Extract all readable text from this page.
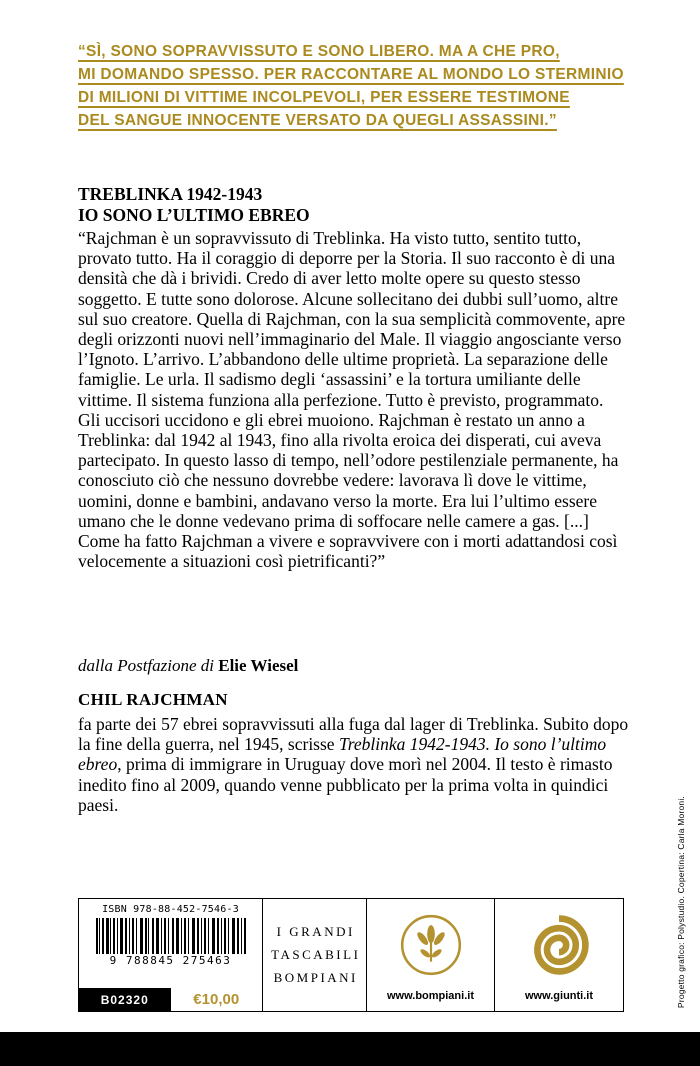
“SÌ, SONO SOPRAVVISSUTO E SONO LIBERO. MA A CHE PRO,
MI DOMANDO SPESSO. PER RACCONTARE AL MONDO LO STERMINIO
DI MILIONI DI VITTIME INCOLPEVOLI, PER ESSERE TESTIMONE
DEL SANGUE INNOCENTE VERSATO DA QUEGLI ASSASSINI.”
TREBLINKA 1942-1943
IO SONO L’ULTIMO EBREO

“Rajchman è un sopravvissuto di Treblinka. Ha visto tutto, sentito tutto, provato tutto. Ha il coraggio di deporre per la Storia. Il suo racconto è di una densità che dà i brividi. Credo di aver letto molte opere su questo stesso soggetto. E tutte sono dolorose. Alcune sollecitano dei dubbi sull’uomo, altre sul suo creatore. Quella di Rajchman, con la sua semplicità commovente, apre degli orizzonti nuovi nell’immaginario del Male. Il viaggio angosciante verso l’Ignoto. L’arrivo. L’abbandono delle ultime proprietà. La separazione delle famiglie. Le urla. Il sadismo degli ‘assassini’ e la tortura umiliante delle vittime. Il sistema funziona alla perfezione. Tutto è previsto, programmato. Gli uccisori uccidono e gli ebrei muoiono. Rajchman è restato un anno a Treblinka: dal 1942 al 1943, fino alla rivolta eroica dei disperati, cui aveva partecipato. In questo lasso di tempo, nell’odore pestilenziale permanente, ha conosciuto ciò che nessuno dovrebbe vedere: lavorava lì dove le vittime, uomini, donne e bambini, andavano verso la morte. Era lui l’ultimo essere umano che le donne vedevano prima di soffocare nelle camere a gas. [...] Come ha fatto Rajchman a vivere e sopravvivere con i morti adattandosi così velocemente a situazioni così pietrificanti?”

dalla Postfazione di Elie Wiesel

CHIL RAJCHMAN

fa parte dei 57 ebrei sopravvissuti alla fuga dal lager di Treblinka. Subito dopo la fine della guerra, nel 1945, scrisse Treblinka 1942-1943. Io sono l’ultimo ebreo, prima di immigrare in Uruguay dove morì nel 2004. Il testo è rimasto inedito fino al 2009, quando venne pubblicato per la prima volta in quindici paesi.

ISBN 978-88-452-7546-3
9 788845 275463
B02320	€10,00
I GRANDI
TASCABILI
BOMPIANI
www.bompiani.it	www.giunti.it	Progetto grafico: Polystudio. Copertina: Carla Moroni.
